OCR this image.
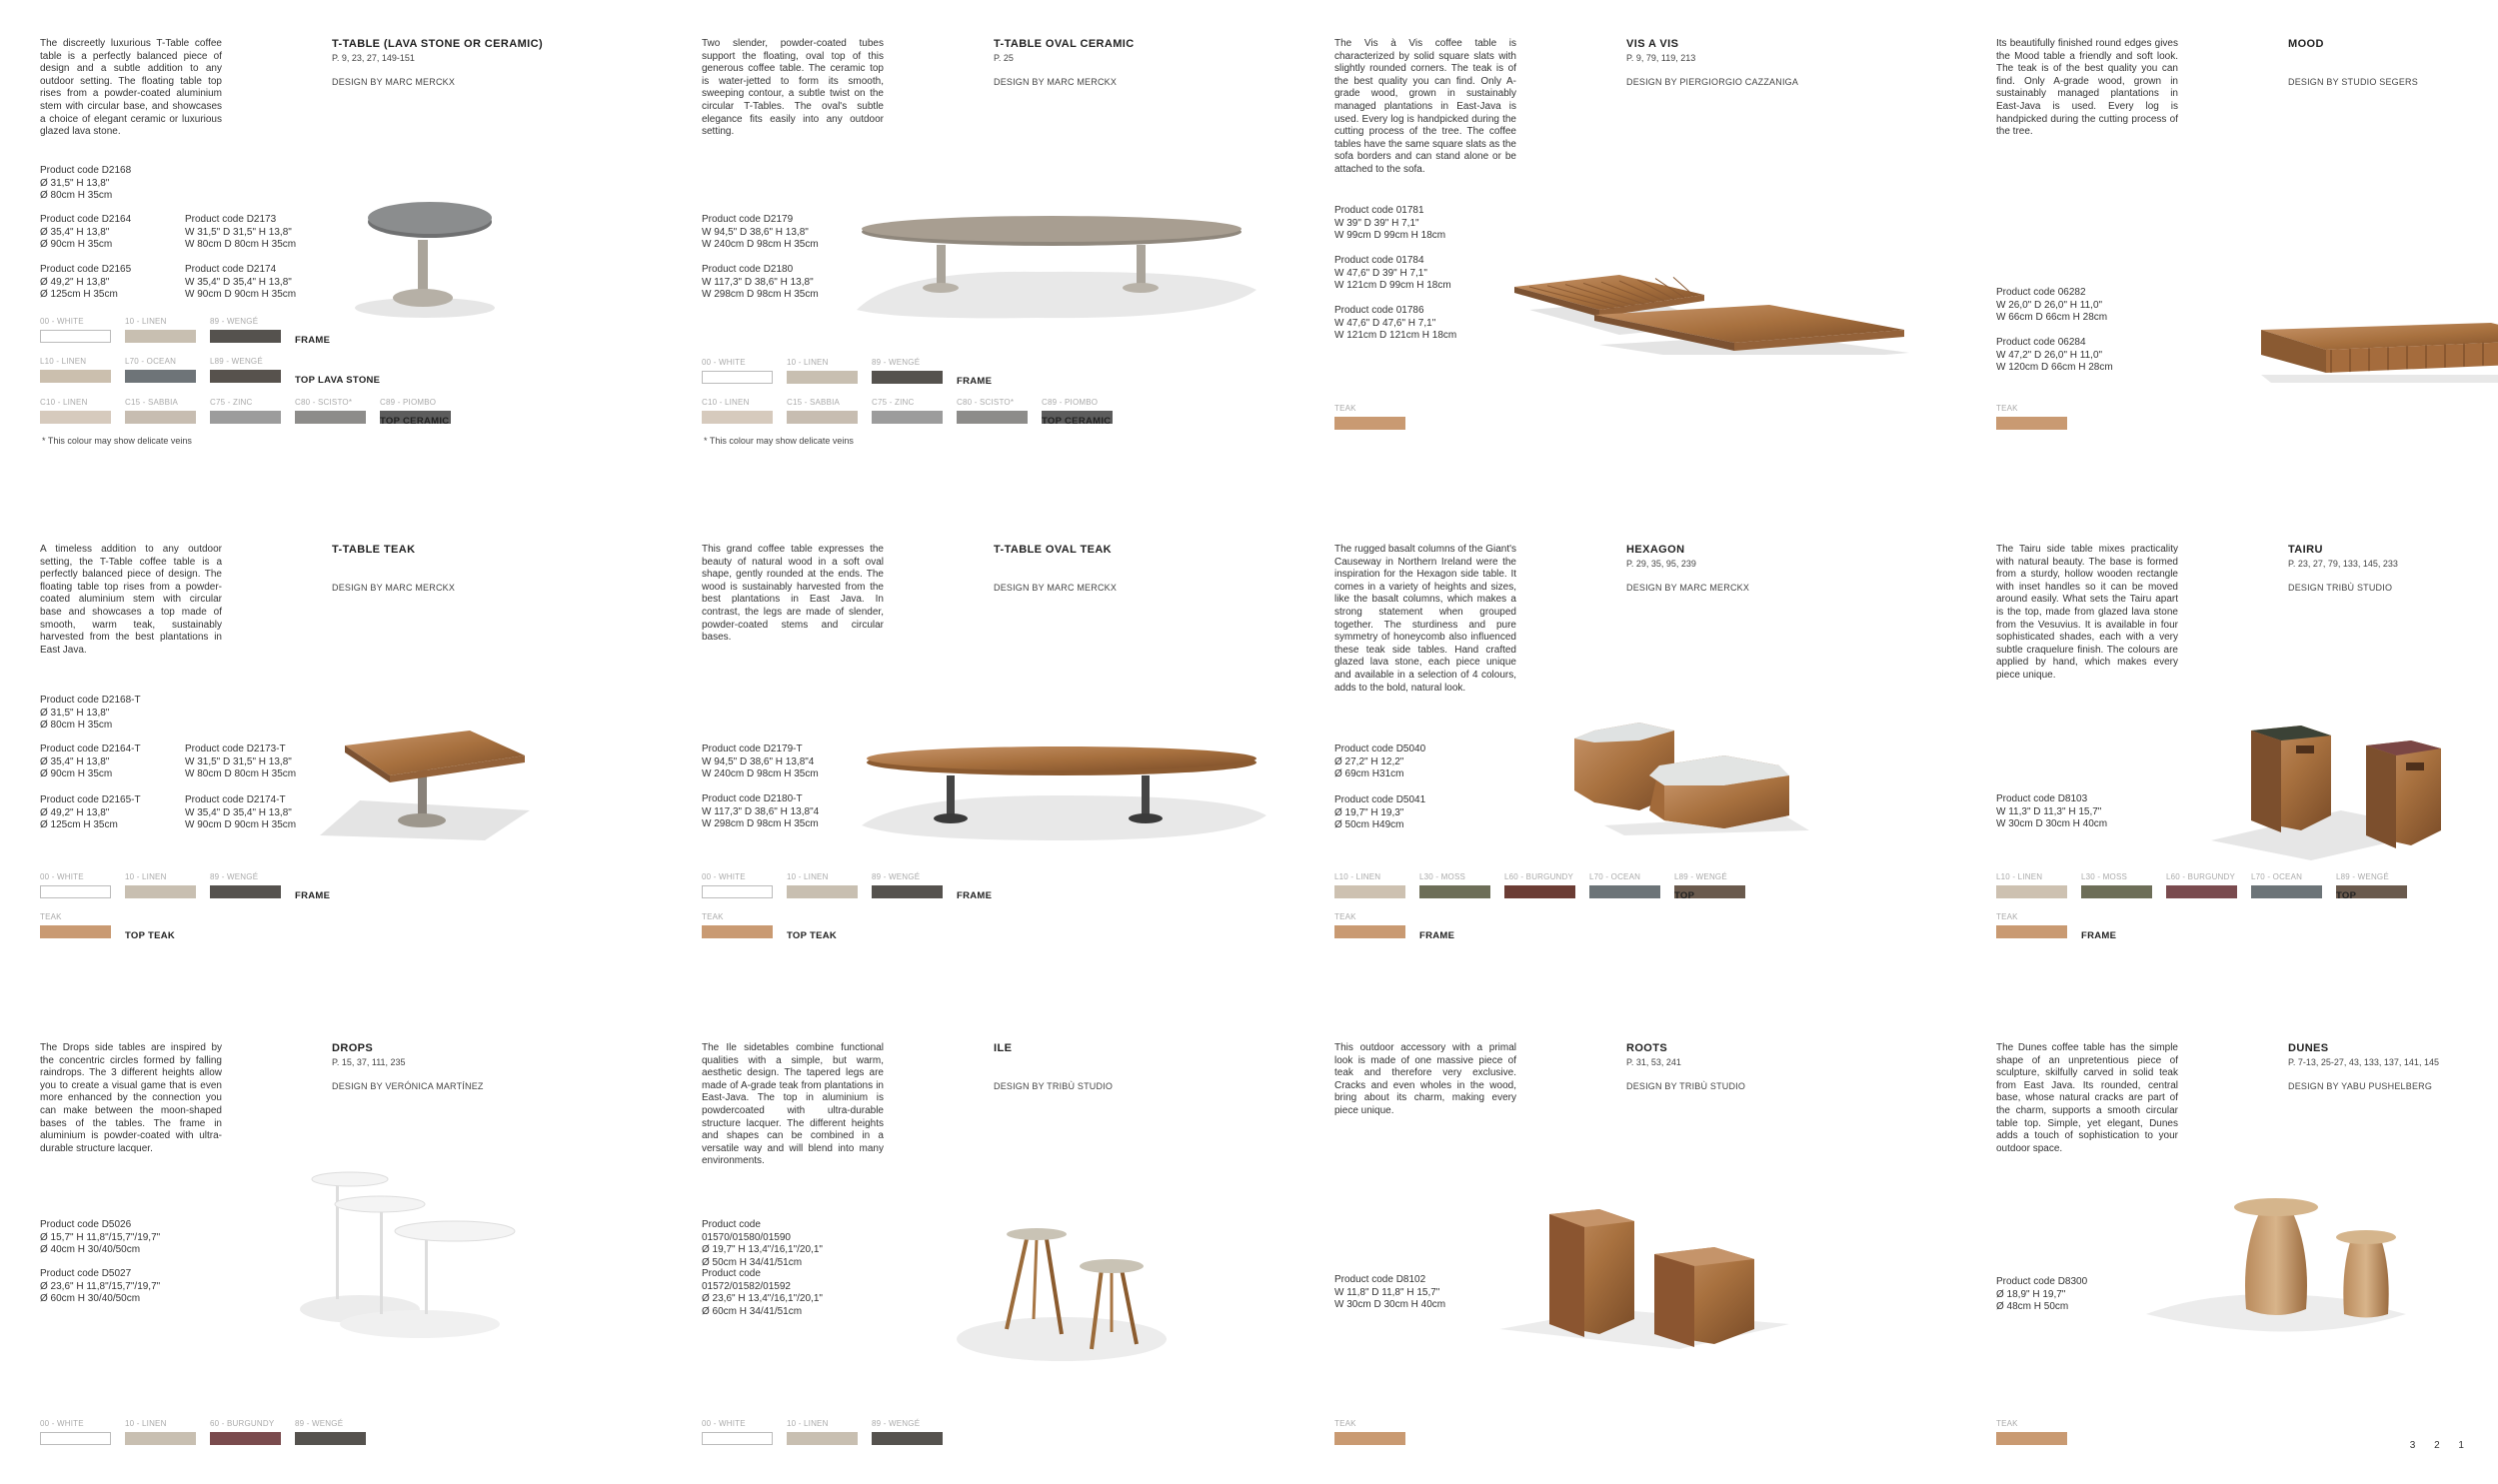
The discreetly luxurious T-Table coffee table is a perfectly balanced piece of design and a subtle addition to any outdoor setting. The floating table top rises from a powder-coated aluminium stem with circular base, and showcases a choice of elegant ceramic or luxurious glazed lava stone.
T-TABLE (LAVA STONE OR CERAMIC)
P. 9, 23, 27, 149-151
DESIGN BY MARC MERCKX
Product code D2168
Ø 31,5" H 13,8"
Ø 80cm H 35cm
Product code D2164
Ø 35,4" H 13,8"
Ø 90cm H 35cm
Product code D2173
W 31,5" D 31,5" H 13,8"
W 80cm D 80cm H 35cm
Product code D2165
Ø 49,2" H 13,8"
Ø 125cm H 35cm
Product code D2174
W 35,4" D 35,4" H 13,8"
W 90cm D 90cm H 35cm
00 - WHITE	10 - LINEN	89 - WENGÉ
FRAME
L10 - LINEN	L70 - OCEAN	L89 - WENGÉ
TOP LAVA STONE
C10 - LINEN	C15 - SABBIA	C75 - ZINC	C80 - SCISTO*	C89 - PIOMBO
TOP CERAMIC
* This colour may show delicate veins
Two slender, powder-coated tubes support the floating, oval top of this generous coffee table. The ceramic top is water-jetted to form its smooth, sweeping contour, a subtle twist on the circular T-Tables. The oval's subtle elegance fits easily into any outdoor setting.
T-TABLE OVAL CERAMIC
P. 25
DESIGN BY MARC MERCKX
Product code D2179
W 94,5" D 38,6" H 13,8"
W 240cm D 98cm H 35cm
Product code D2180
W 117,3" D 38,6" H 13,8"
W 298cm D 98cm H 35cm
00 - WHITE	10 - LINEN	89 - WENGÉ
FRAME
C10 - LINEN	C15 - SABBIA	C75 - ZINC	C80 - SCISTO*	C89 - PIOMBO
TOP CERAMIC
* This colour may show delicate veins
The Vis à Vis coffee table is characterized by solid square slats with slightly rounded corners. The teak is of the best quality you can find. Only A-grade wood, grown in sustainably managed plantations in East-Java is used. Every log is handpicked during the cutting process of the tree. The coffee tables have the same square slats as the sofa borders and can stand alone or be attached to the sofa.
VIS A VIS
P. 9, 79, 119, 213
DESIGN BY PIERGIORGIO CAZZANIGA
Product code 01781
W 39" D 39" H 7,1"
W 99cm D 99cm H 18cm
Product code 01784
W 47,6" D 39" H 7,1"
W 121cm D 99cm H 18cm
Product code 01786
W 47,6" D 47,6" H 7,1"
W 121cm D 121cm H 18cm
TEAK
Its beautifully finished round edges gives the Mood table a friendly and soft look. The teak is of the best quality you can find. Only A-grade wood, grown in sustainably managed plantations in East-Java is used. Every log is handpicked during the cutting process of the tree.
MOOD
DESIGN BY STUDIO SEGERS
Product code 06282
W 26,0" D 26,0" H 11,0"
W 66cm D 66cm H 28cm
Product code 06284
W 47,2" D 26,0" H 11,0"
W 120cm D 66cm H 28cm
TEAK
A timeless addition to any outdoor setting, the T-Table coffee table is a perfectly balanced piece of design. The floating table top rises from a powder-coated aluminium stem with circular base and showcases a top made of smooth, warm teak, sustainably harvested from the best plantations in East Java.
T-TABLE TEAK
DESIGN BY MARC MERCKX
Product code D2168-T
Ø 31,5" H 13,8"
Ø 80cm H 35cm
Product code D2164-T
Ø 35,4" H 13,8"
Ø 90cm H 35cm
Product code D2173-T
W 31,5" D 31,5" H 13,8"
W 80cm D 80cm H 35cm
Product code D2165-T
Ø 49,2" H 13,8"
Ø 125cm H 35cm
Product code D2174-T
W 35,4" D 35,4" H 13,8"
W 90cm D 90cm H 35cm
00 - WHITE	10 - LINEN	89 - WENGÉ
FRAME
TEAK
TOP TEAK
This grand coffee table expresses the beauty of natural wood in a soft oval shape, gently rounded at the ends. The wood is sustainably harvested from the best plantations in East Java. In contrast, the legs are made of slender, powder-coated stems and circular bases.
T-TABLE OVAL TEAK
DESIGN BY MARC MERCKX
Product code D2179-T
W 94,5" D 38,6" H 13,8"4
W 240cm D 98cm H 35cm
Product code D2180-T
W 117,3" D 38,6" H 13,8"4
W 298cm D 98cm H 35cm
00 - WHITE	10 - LINEN	89 - WENGÉ
FRAME
TEAK
TOP TEAK
The rugged basalt columns of the Giant's Causeway in Northern Ireland were the inspiration for the Hexagon side table. It comes in a variety of heights and sizes, like the basalt columns, which makes a strong statement when grouped together. The sturdiness and pure symmetry of honeycomb also influenced these teak side tables. Hand crafted glazed lava stone, each piece unique and available in a selection of 4 colours, adds to the bold, natural look.
HEXAGON
P. 29, 35, 95, 239
DESIGN BY MARC MERCKX
Product code D5040
Ø 27,2" H 12,2"
Ø 69cm H31cm
Product code D5041
Ø 19,7" H 19,3"
Ø 50cm H49cm
L10 - LINEN	L30 - MOSS	L60 - BURGUNDY L70 - OCEAN	L89 - WENGÉ
TOP
TEAK
FRAME
The Tairu side table mixes practicality with natural beauty. The base is formed from a sturdy, hollow wooden rectangle with inset handles so it can be moved around easily. What sets the Tairu apart is the top, made from glazed lava stone from the Vesuvius. It is available in four sophisticated shades, each with a very subtle craquelure finish. The colours are applied by hand, which makes every piece unique.
TAIRU
P. 23, 27, 79, 133, 145, 233
DESIGN TRIBÙ STUDIO
Product code D8103
W 11,3" D 11,3" H 15,7"
W 30cm D 30cm H 40cm
L10 - LINEN	L30 - MOSS	L60 - BURGUNDY L70 - OCEAN	L89 - WENGÉ
TOP
TEAK
FRAME
The Drops side tables are inspired by the concentric circles formed by falling raindrops. The 3 different heights allow you to create a visual game that is even more enhanced by the connection you can make between the moon-shaped bases of the tables. The frame in aluminium is powder-coated with ultra- durable structure lacquer.
DROPS
P. 15, 37, 111, 235
DESIGN BY VERÓNICA MARTÍNEZ
Product code D5026
Ø 15,7" H 11,8"/15,7"/19,7"
Ø 40cm H 30/40/50cm
Product code D5027
Ø 23,6" H 11,8"/15,7"/19,7"
Ø 60cm H 30/40/50cm
00 - WHITE	10 - LINEN	60 - BURGUNDY	89 - WENGÉ
The Ile sidetables combine functional qualities with a simple, but warm, aesthetic design. The tapered legs are made of A-grade teak from plantations in East-Java. The top in aluminium is powdercoated with ultra-durable structure lacquer. The different heights and shapes can be combined in a versatile way and will blend into many environments.
ILE
DESIGN BY TRIBÙ STUDIO
Product code 01570/01580/01590
Ø 19,7" H 13,4"/16,1"/20,1"
Ø 50cm H 34/41/51cm
Product code 01572/01582/01592
Ø 23,6" H 13,4"/16,1"/20,1"
Ø 60cm H 34/41/51cm
00 - WHITE	10 - LINEN	89 - WENGÉ
This outdoor accessory with a primal look is made of one massive piece of teak and therefore very exclusive. Cracks and even wholes in the wood, bring about its charm, making every piece unique.
ROOTS
P. 31, 53, 241
DESIGN BY TRIBÙ STUDIO
Product code D8102
W 11,8" D 11,8" H 15,7"
W 30cm D 30cm H 40cm
TEAK
The Dunes coffee table has the simple shape of an unpretentious piece of sculpture, skilfully carved in solid teak from East Java. Its rounded, central base, whose natural cracks are part of the charm, supports a smooth circular table top. Simple, yet elegant, Dunes adds a touch of sophistication to your outdoor space.
DUNES
P. 7-13, 25-27, 43, 133, 137, 141, 145
DESIGN BY YABU PUSHELBERG
Product code D8300
Ø 18,9" H 19,7"
Ø 48cm H 50cm
TEAK
3 2 1
